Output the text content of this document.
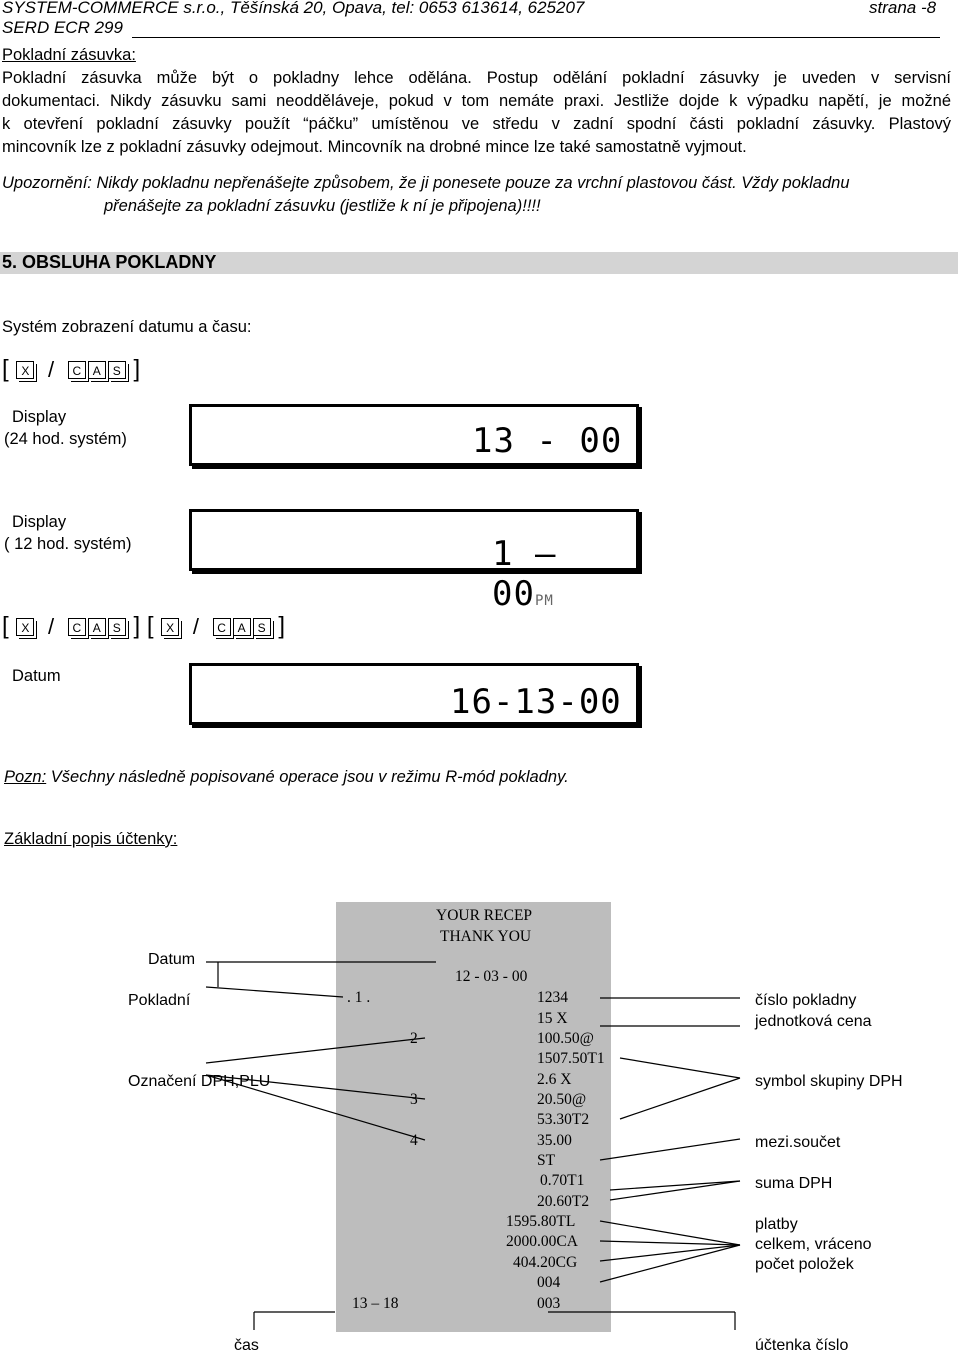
SYSTEM-COMMERCE s.r.o., Těšínská 20, Opava, tel: 0653 613614, 625207	strana -8
SERD ECR 299
Pokladní zásuvka:
Pokladní zásuvka může být o pokladny lehce odělána. Postup odělání pokladní zásuvky je uveden v servisní
dokumentaci. Nikdy zásuvku sami neodděláveje, pokud v tom nemáte praxi. Jestliže dojde k výpadku napětí, je možné
k otevření pokladní zásuvky použít “páčku” umístěnou ve středu v zadní spodní části pokladní zásuvky. Plastový
mincovník lze z pokladní zásuvky odejmout. Mincovník na drobné mince lze také samostatně vyjmout.
Upozornění: Nikdy pokladnu nepřenášejte způsobem, že ji ponesete pouze za vrchní plastovou část. Vždy pokladnu
přenášejte za pokladní zásuvku (jestliže k ní je připojena)!!!!
5. OBSLUHA POKLADNY
Systém zobrazení datumu a času:
[ X / C A S ]
Display
(24 hod. systém)	13 - 00
Display
( 12 hod. systém)	1 — 00PM
[ X / C A S ] [ X / C A S ]
Datum
16-13-00
Pozn: Všechny následně popisované operace jsou v režimu R-mód pokladny.
Základní popis účtenky:
YOUR RECEP
THANK YOU
12 - 03 - 00
. 1 .	1234
15 X
2	100.50@
1507.50T1
2.6 X
3	20.50@
53.30T2
4	35.00
ST
0.70T1
20.60T2
1595.80TL
2000.00CA
404.20CG
004
13 – 18	003
Datum
Pokladní
Označení DPH,PLU
čas
číslo pokladny
jednotková cena
symbol skupiny DPH
mezi.součet
suma DPH
platby
celkem, vráceno
počet položek
účtenka číslo
